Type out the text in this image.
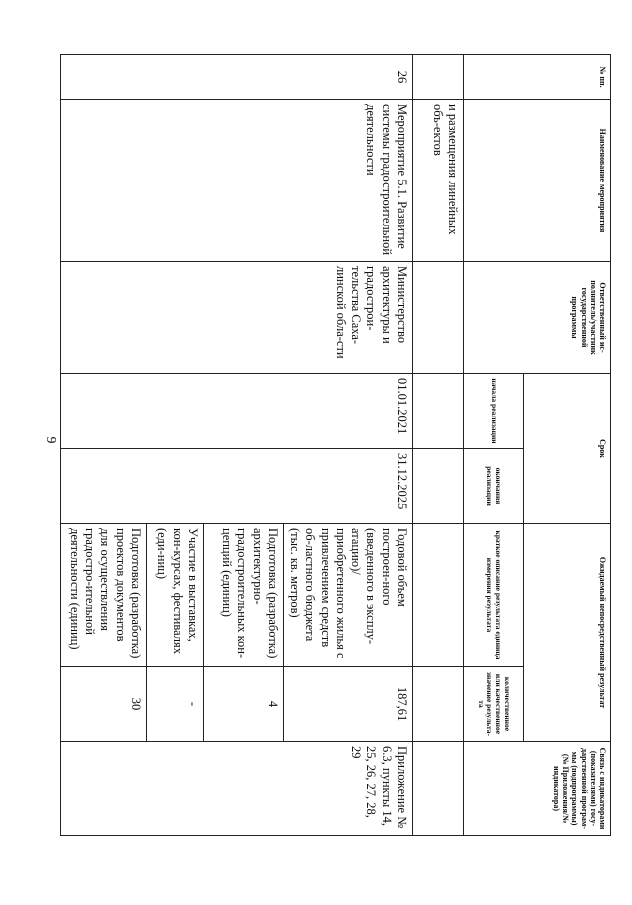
9
№ пп.	Наименование мероприятия	Ответственный ис-полнитель/участник государственной программы	Срок		Ожидаемый непосредственный результат		Связь с индикаторами (показателями) госу-дарственной програм-мы (подпрограммы) (№ Приложения/№ индикатора)
			начала реализации	окончания реализации	краткое описание результата единица измерения результата	количественное или качественное значение результа-та	
	и размещения линейных объ-ектов						
26	Мероприятие 5.1. Развитие системы градостроительной деятельности	Министерство архитектуры и градострои-тельства Саха-линской обла-сти	01.01.2021	31.12.2025	Годовой объем построен-ного (введенного в эксплу-атацию)/ приобретенного жилья с привлечением средств об-ластного бюджета (тыс. кв. метров)	187,61	Приложение № 6.3, пункты 14, 25, 26, 27, 28, 29
					Подготовка (разработка) архитектурно-градостроительных кон-цепций (единиц)	4	
					Участие в выставках, кон-курсах, фестивалях (еди-ниц)	-	
					Подготовка (разработка) проектов документов для осуществления градостро-ительной деятельности (единиц)	30	
